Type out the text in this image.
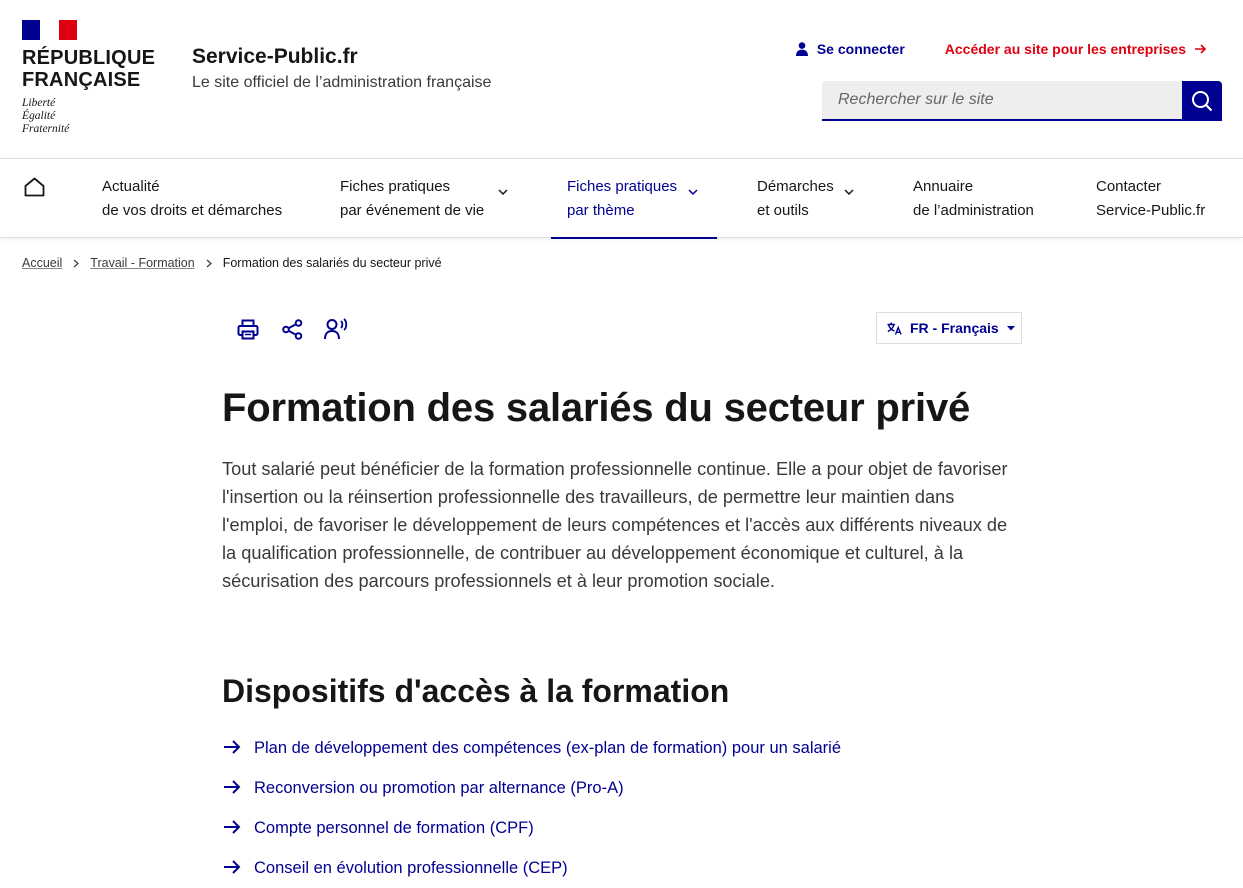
RÉPUBLIQUE
FRANÇAISE
Liberté
Égalité
Fraternité
Service-Public.fr
Le site officiel de l’administration française
Se connecter	Accéder au site pour les entreprises
Rechercher sur le site
Actualité
de vos droits et démarches
Fiches pratiques
par événement de vie
Fiches pratiques
par thème
Démarches
et outils
Annuaire
de l’administration
Contacter
Service-Public.fr
Accueil Travail - Formation Formation des salariés du secteur privé
FR - Français
Formation des salariés du secteur privé

Tout salarié peut bénéficier de la formation professionnelle continue. Elle a pour objet de favoriser l'insertion ou la réinsertion professionnelle des travailleurs, de permettre leur maintien dans l'emploi, de favoriser le développement de leurs compétences et l'accès aux différents niveaux de la qualification professionnelle, de contribuer au développement économique et culturel, à la sécurisation des parcours professionnels et à leur promotion sociale.

Dispositifs d'accès à la formation
Plan de développement des compétences (ex-plan de formation) pour un salarié
Reconversion ou promotion par alternance (Pro-A)
Compte personnel de formation (CPF)
Conseil en évolution professionnelle (CEP)
